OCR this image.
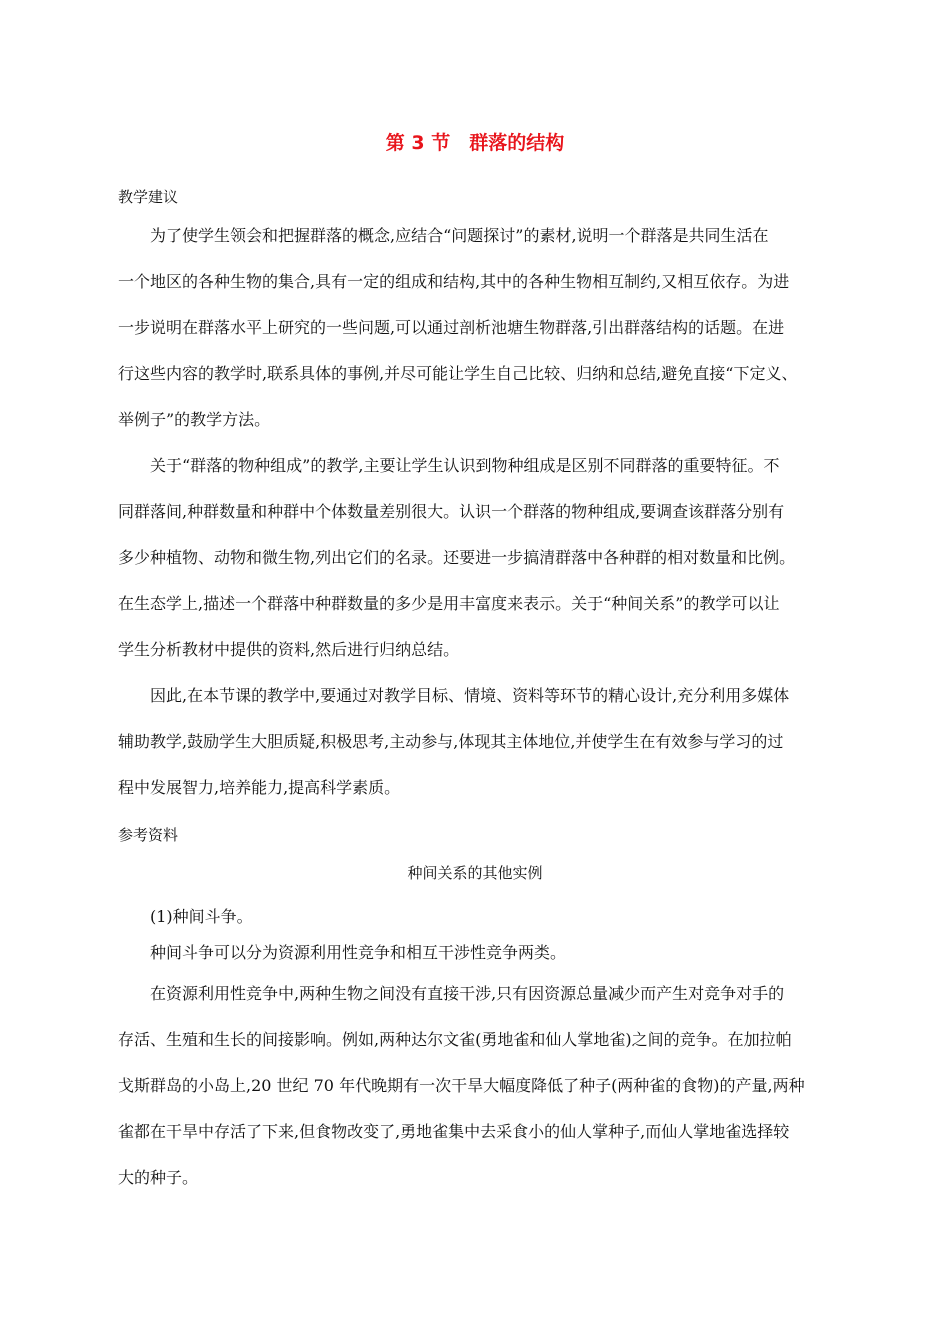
第 3 节　群落的结构
教学建议
为了使学生领会和把握群落的概念,应结合“问题探讨”的素材,说明一个群落是共同生活在
一个地区的各种生物的集合,具有一定的组成和结构,其中的各种生物相互制约,又相互依存。为进
一步说明在群落水平上研究的一些问题,可以通过剖析池塘生物群落,引出群落结构的话题。在进
行这些内容的教学时,联系具体的事例,并尽可能让学生自己比较、归纳和总结,避免直接“下定义、
举例子”的教学方法。
关于“群落的物种组成”的教学,主要让学生认识到物种组成是区别不同群落的重要特征。不
同群落间,种群数量和种群中个体数量差别很大。认识一个群落的物种组成,要调查该群落分别有
多少种植物、动物和微生物,列出它们的名录。还要进一步搞清群落中各种群的相对数量和比例。
在生态学上,描述一个群落中种群数量的多少是用丰富度来表示。关于“种间关系”的教学可以让
学生分析教材中提供的资料,然后进行归纳总结。
因此,在本节课的教学中,要通过对教学目标、情境、资料等环节的精心设计,充分利用多媒体
辅助教学,鼓励学生大胆质疑,积极思考,主动参与,体现其主体地位,并使学生在有效参与学习的过
程中发展智力,培养能力,提高科学素质。
参考资料
种间关系的其他实例
(1)种间斗争。
种间斗争可以分为资源利用性竞争和相互干涉性竞争两类。
在资源利用性竞争中,两种生物之间没有直接干涉,只有因资源总量减少而产生对竞争对手的
存活、生殖和生长的间接影响。例如,两种达尔文雀(勇地雀和仙人掌地雀)之间的竞争。在加拉帕
戈斯群岛的小岛上,20 世纪 70 年代晚期有一次干旱大幅度降低了种子(两种雀的食物)的产量,两种
雀都在干旱中存活了下来,但食物改变了,勇地雀集中去采食小的仙人掌种子,而仙人掌地雀选择较
大的种子。
